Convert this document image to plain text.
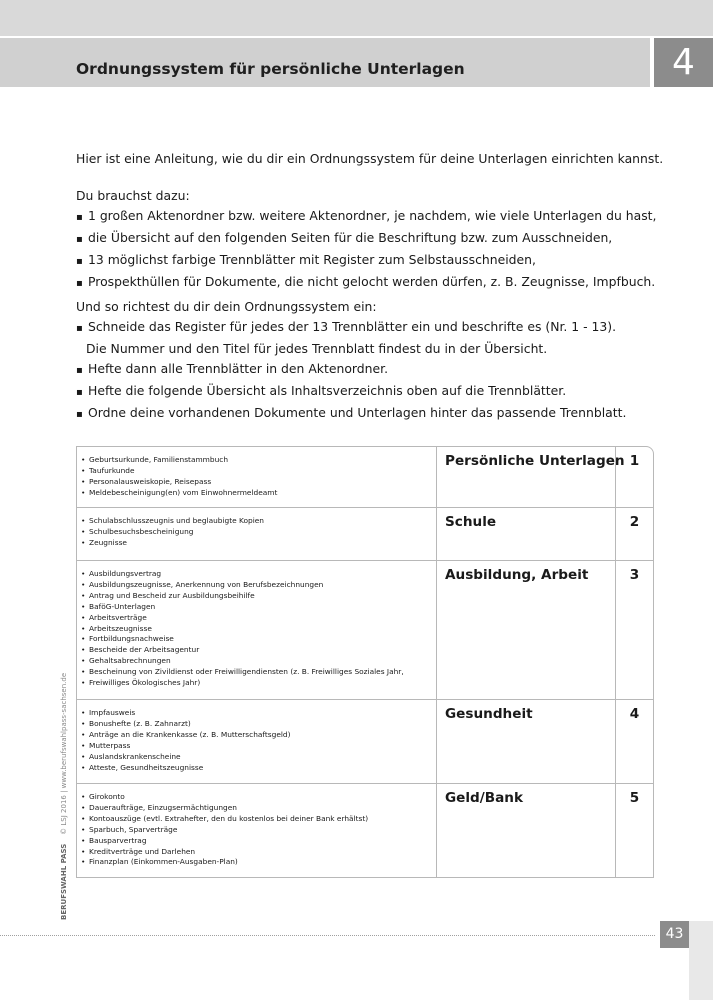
Ordnungssystem für persönliche Unterlagen	4
Hier ist eine Anleitung, wie du dir ein Ordnungssystem für deine Unterlagen einrichten kannst.
Du brauchst dazu:
▪ 1 großen Aktenordner bzw. weitere Aktenordner, je nachdem, wie viele Unterlagen du hast,
▪ die Übersicht auf den folgenden Seiten für die Beschriftung bzw. zum Ausschneiden,
▪ 13 möglichst farbige Trennblätter mit Register zum Selbstausschneiden,
▪ Prospekthüllen für Dokumente, die nicht gelocht werden dürfen, z. B. Zeugnisse, Impfbuch.
Und so richtest du dir dein Ordnungssystem ein:
▪ Schneide das Register für jedes der 13 Trennblätter ein und beschrifte es (Nr. 1 - 13).
Die Nummer und den Titel für jedes Trennblatt findest du in der Übersicht.
▪ Hefte dann alle Trennblätter in den Aktenordner.
▪ Hefte die folgende Übersicht als Inhaltsverzeichnis oben auf die Trennblätter.
▪ Ordne deine vorhandenen Dokumente und Unterlagen hinter das passende Trennblatt.
• Geburtsurkunde, Familienstammbuch
• Taufurkunde
• Personalausweiskopie, Reisepass
• Meldebescheinigung(en) vom Einwohnermeldeamt
Persönliche Unterlagen 1
• Schulabschlusszeugnis und beglaubigte Kopien
• Schulbesuchsbescheinigung
• Zeugnisse
Schule	2
• Ausbildungsvertrag
• Ausbildungszeugnisse, Anerkennung von Berufsbezeichnungen
• Antrag und Bescheid zur Ausbildungsbeihilfe
• BaföG-Unterlagen
• Arbeitsverträge
• Arbeitszeugnisse
• Fortbildungsnachweise
• Bescheide der Arbeitsagentur
• Gehaltsabrechnungen
• Bescheinung von Zivildienst oder Freiwilligendiensten (z. B. Freiwilliges Soziales Jahr,
• Freiwilliges Ökologisches Jahr)
Ausbildung, Arbeit	3
• Impfausweis
• Bonushefte (z. B. Zahnarzt)
• Anträge an die Krankenkasse (z. B. Mutterschaftsgeld)
• Mutterpass
• Auslandskrankenscheine
• Atteste, Gesundheitszeugnisse
Gesundheit	4
• Girokonto
• Daueraufträge, Einzugsermächtigungen
• Kontoauszüge (evtl. Extrahefter, den du kostenlos bei deiner Bank erhältst)
• Sparbuch, Sparverträge
• Bausparvertrag
• Kreditverträge und Darlehen
• Finanzplan (Einkommen-Ausgaben-Plan)
Geld/Bank	5
BERUFSWAHL PASS    © LSJ 2016 | www.berufswahlpass-sachsen.de
43
